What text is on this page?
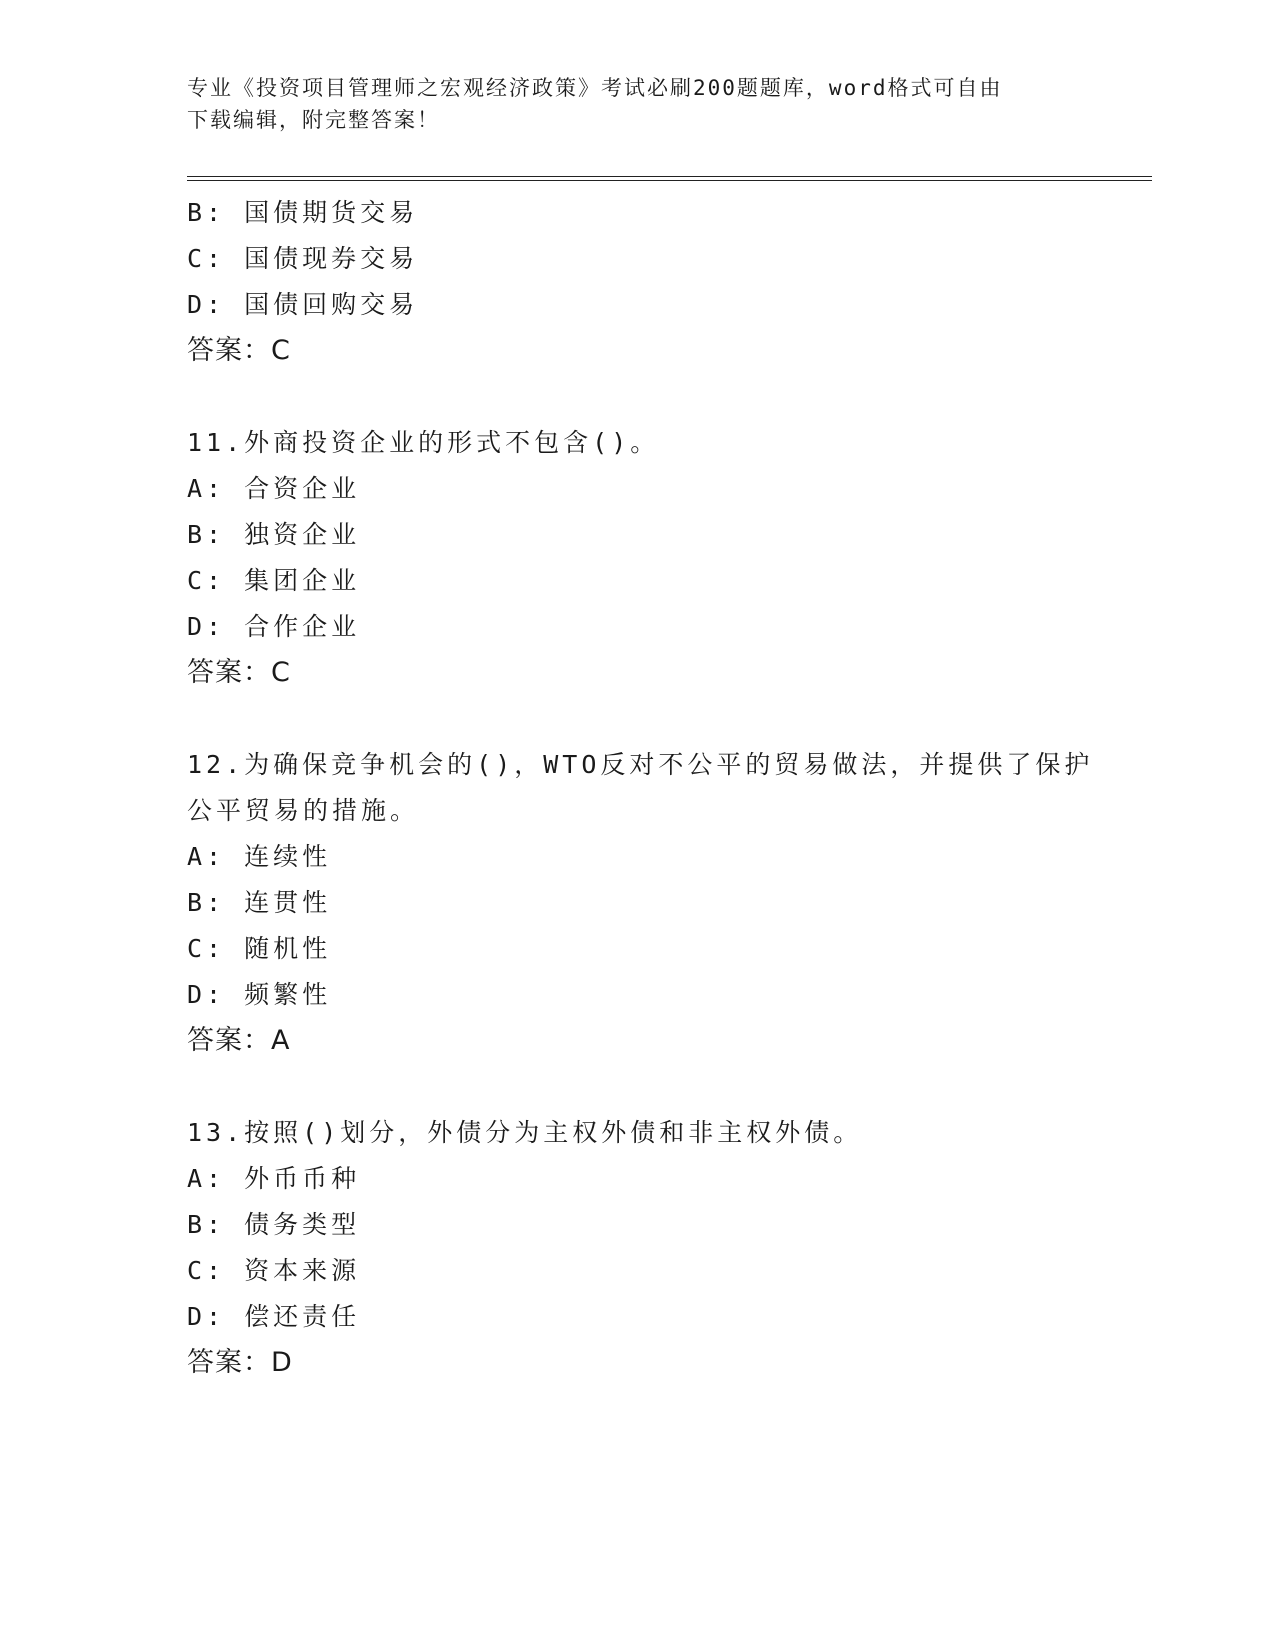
专业《投资项目管理师之宏观经济政策》考试必刷200题题库，word格式可自由
下载编辑，附完整答案！
B: 国债期货交易
C: 国债现券交易
D: 国债回购交易
答案：C
11.外商投资企业的形式不包含()。
A: 合资企业
B: 独资企业
C: 集团企业
D: 合作企业
答案：C
12.为确保竞争机会的()，WTO反对不公平的贸易做法，并提供了保护
公平贸易的措施。
A: 连续性
B: 连贯性
C: 随机性
D: 频繁性
答案：A
13.按照()划分，外债分为主权外债和非主权外债。
A: 外币币种
B: 债务类型
C: 资本来源
D: 偿还责任
答案：D
